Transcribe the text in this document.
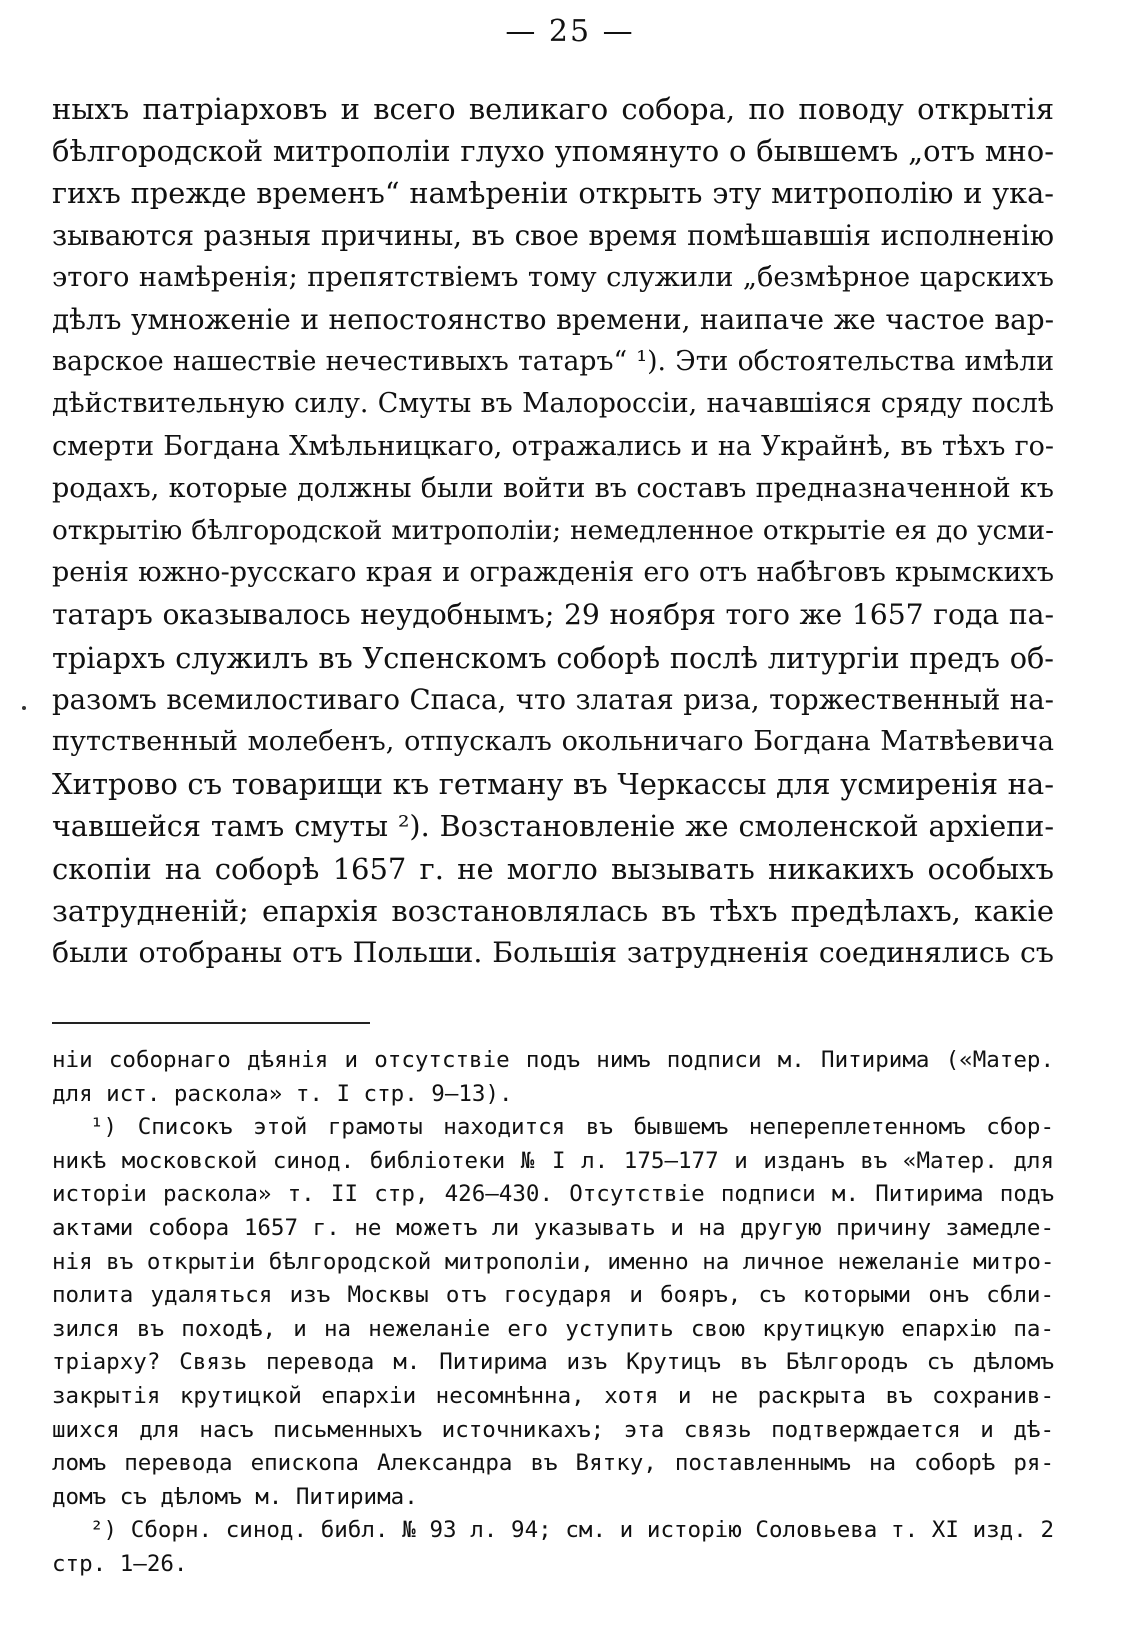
— 25 —
ныхъ патріарховъ и всего великаго собора, по поводу открытія
бѣлгородской митрополіи глухо упомянуто о бывшемъ „отъ мно-
гихъ прежде временъ“ намѣреніи открыть эту митрополію и ука-
зываются разныя причины, въ свое время помѣшавшія исполненію
этого намѣренія; препятствіемъ тому служили „безмѣрное царскихъ
дѣлъ умноженіе и непостоянство времени, наипаче же частое вар-
варское нашествіе нечестивыхъ татаръ“ ¹). Эти обстоятельства имѣли
дѣйствительную силу. Смуты въ Малороссіи, начавшіяся сряду послѣ
смерти Богдана Хмѣльницкаго, отражались и на Украйнѣ, въ тѣхъ го-
родахъ, которые должны были войти въ составъ предназначенной къ
открытію бѣлгородской митрополіи; немедленное открытіе ея до усми-
ренія южно-русскаго края и огражденія его отъ набѣговъ крымскихъ
татаръ оказывалось неудобнымъ; 29 ноября того же 1657 года па-
тріархъ служилъ въ Успенскомъ соборѣ послѣ литургіи предъ об-
разомъ всемилостиваго Спаса, что златая риза, торжественный на-
путственный молебенъ, отпускалъ окольничаго Богдана Матвѣевича
Хитрово съ товарищи къ гетману въ Черкассы для усмиренія на-
чавшейся тамъ смуты ²). Возстановленіе же смоленской архіепи-
скопіи на соборѣ 1657 г. не могло вызывать никакихъ особыхъ
затрудненій; епархія возстановлялась въ тѣхъ предѣлахъ, какіе
были отобраны отъ Польши. Большія затрудненія соединялись съ
ніи соборнаго дѣянія и отсутствіе подъ нимъ подписи м. Питирима («Матер.
для ист. раскола» т. I стр. 9—13).
¹) Списокъ этой грамоты находится въ бывшемъ непереплетенномъ сбор-
никѣ московской синод. библіотеки № I л. 175—177 и изданъ въ «Матер. для
исторіи раскола» т. II стр, 426—430. Отсутствіе подписи м. Питирима подъ
актами собора 1657 г. не можетъ ли указывать и на другую причину замедле-
нія въ открытіи бѣлгородской митрополіи, именно на личное нежеланіе митро-
полита удаляться изъ Москвы отъ государя и бояръ, съ которыми онъ сбли-
зился въ походѣ, и на нежеланіе его уступить свою крутицкую епархію па-
тріарху? Связь перевода м. Питирима изъ Крутицъ въ Бѣлгородъ съ дѣломъ
закрытія крутицкой епархіи несомнѣнна, хотя и не раскрыта въ сохранив-
шихся для насъ письменныхъ источникахъ; эта связь подтверждается и дѣ-
ломъ перевода епископа Александра въ Вятку, поставленнымъ на соборѣ ря-
домъ съ дѣломъ м. Питирима.
²) Сборн. синод. библ. № 93 л. 94; см. и исторію Соловьева т. XI изд. 2
стр. 1—26.
